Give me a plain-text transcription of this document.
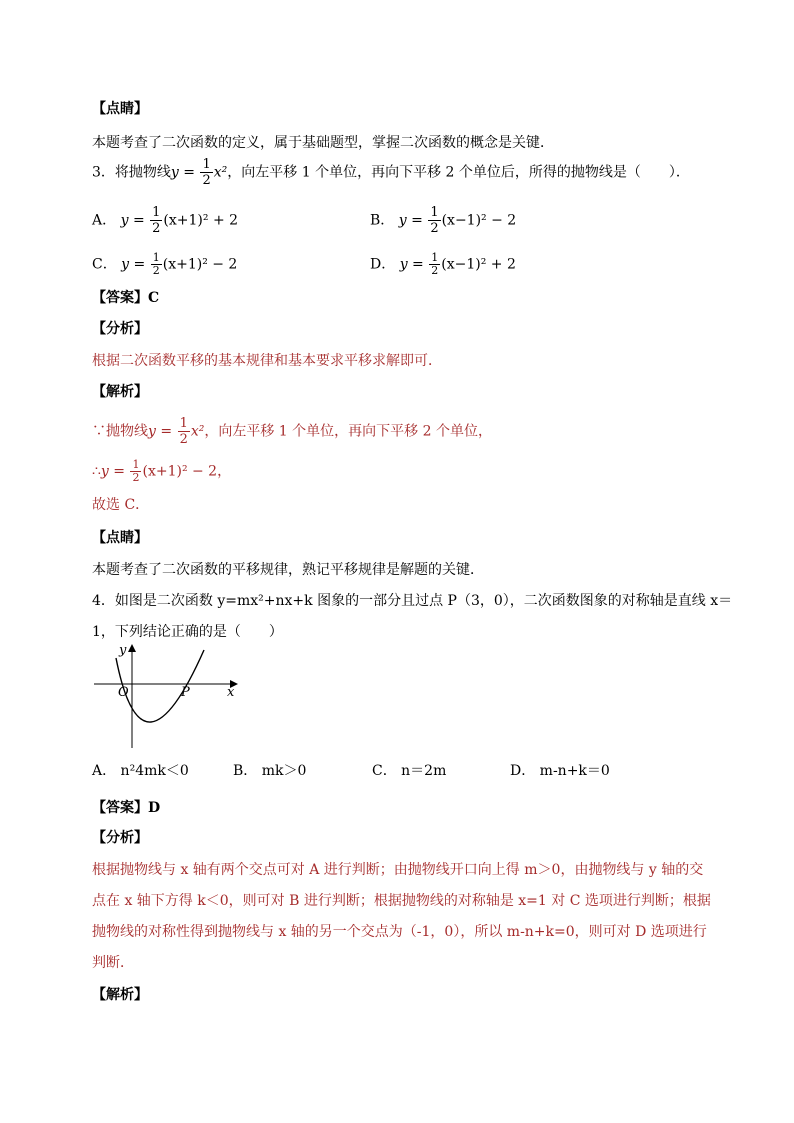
【点睛】
本题考查了二次函数的定义，属于基础题型，掌握二次函数的概念是关键．
3．将抛物线$y = \frac{1}{2} x^2$，向左平移 1 个单位，再向下平移 2 个单位后，所得的抛物线是（　　）．
A． $y = \frac{1}{2} (x+1)^2 + 2$	B． $y = \frac{1}{2} (x-1)^2 - 2$
C． $y = \frac{1}{2} (x+1)^2 - 2$	D． $y = \frac{1}{2} (x-1)^2 + 2$
【答案】C
【分析】
根据二次函数平移的基本规律和基本要求平移求解即可．
【解析】
∵抛物线$y = \frac{1}{2} x^2$，向左平移 1 个单位，再向下平移 2 个单位，
∴y = $\frac{1}{2} (x+1)^2 - 2$，
故选 C．
【点睛】
本题考查了二次函数的平移规律，熟记平移规律是解题的关键．
4．如图是二次函数 y=mx²+nx+k 图象的一部分且过点 P（3，0），二次函数图象的对称轴是直线 x＝
1，下列结论正确的是（　　）
y
x
O	P
A． n²4mk＜0	B． mk＞0	C． n＝2m	D． m-n+k＝0
【答案】D
【分析】
根据抛物线与 x 轴有两个交点可对 A 进行判断；由抛物线开口向上得 m＞0，由抛物线与 y 轴的交
点在 x 轴下方得 k＜0，则可对 B 进行判断；根据抛物线的对称轴是 x=1 对 C 选项进行判断；根据
抛物线的对称性得到抛物线与 x 轴的另一个交点为（-1，0），所以 m-n+k=0，则可对 D 选项进行
判断．
【解析】
